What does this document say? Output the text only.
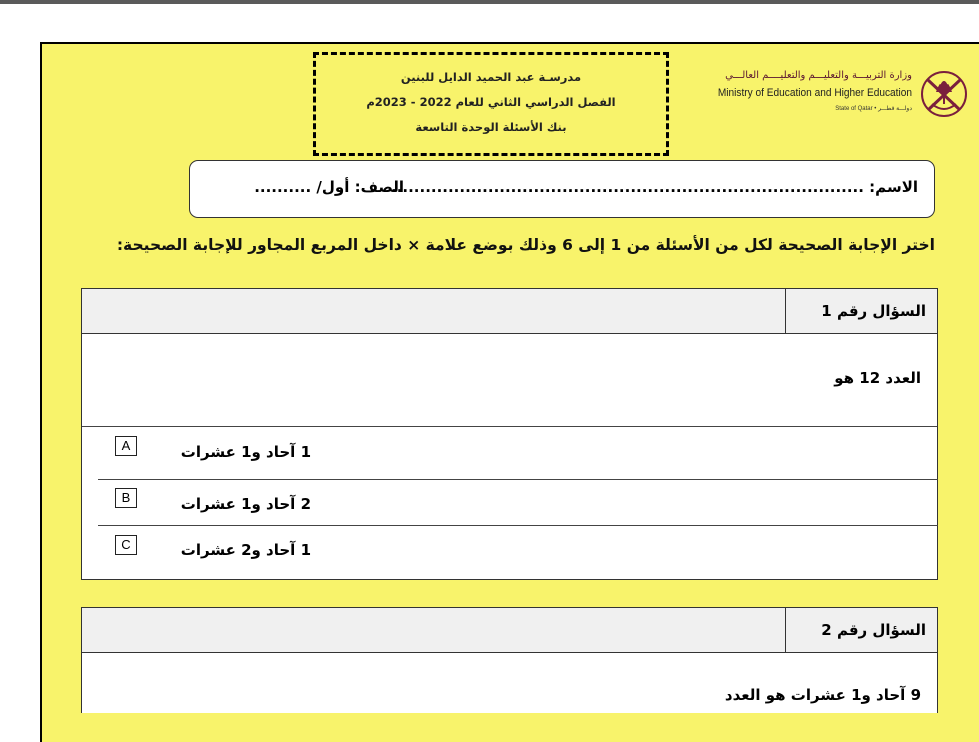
مدرسـة عبد الحميد الدايل للبنين
الفصل الدراسي الثاني للعام 2022 - 2023م
بنك الأسئلة الوحدة التاسعة
وزارة التربيـــة والتعليـــم والتعليــــم العالـــي
Ministry of Education and Higher Education
State of Qatar • دولـــة قطـــر
الاسم: ...................................................................................
الصف: أول/ ..........
اختر الإجابة الصحيحة لكل من الأسئلة من 1 إلى 6 وذلك بوضع علامة × داخل المربع المجاور للإجابة الصحيحة:
السؤال رقم 1
العدد 12 هو
A	1 آحاد و1 عشرات
B	2 آحاد و1 عشرات
C	1 آحاد و2 عشرات
السؤال رقم 2
9 آحاد و1 عشرات هو العدد
